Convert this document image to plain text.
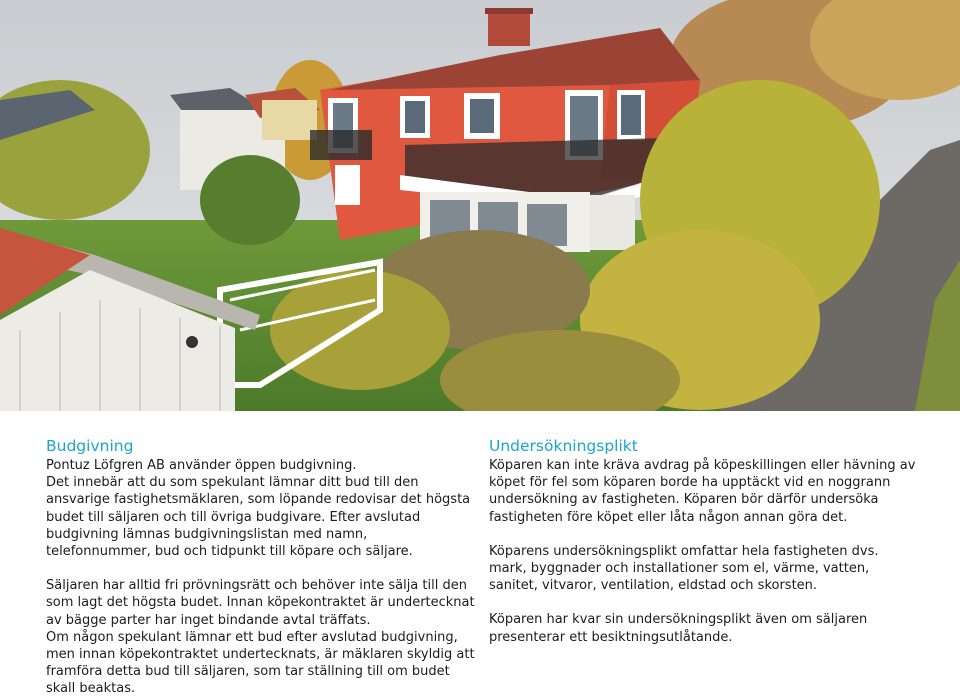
Budgivning

Pontuz Löfgren AB använder öppen budgivning.

Det innebär att du som spekulant lämnar ditt bud till den ansvarige fastighetsmäklaren, som löpande redovisar det högsta budet till säljaren och till övriga budgivare. Efter avslutad budgivning lämnas budgivningslistan med namn, telefonnummer, bud och tidpunkt till köpare och säljare.

Säljaren har alltid fri prövningsrätt och behöver inte sälja till den som lagt det högsta budet. Innan köpekontraktet är undertecknat av bägge parter har inget bindande avtal träffats.

Om någon spekulant lämnar ett bud efter avslutad budgivning, men innan köpekontraktet undertecknats, är mäklaren skyldig att framföra detta bud till säljaren, som tar ställning till om budet skall beaktas.

Undersökningsplikt

Köparen kan inte kräva avdrag på köpeskillingen eller hävning av köpet för fel som köparen borde ha upptäckt vid en noggrann undersökning av fastigheten. Köparen bör därför undersöka fastigheten före köpet eller låta någon annan göra det.

Köparens undersökningsplikt omfattar hela fastigheten dvs. mark, byggnader och installationer som el, värme, vatten, sanitet, vitvaror, ventilation, eldstad och skorsten.

Köparen har kvar sin undersökningsplikt även om säljaren presenterar ett besiktningsutlåtande.
